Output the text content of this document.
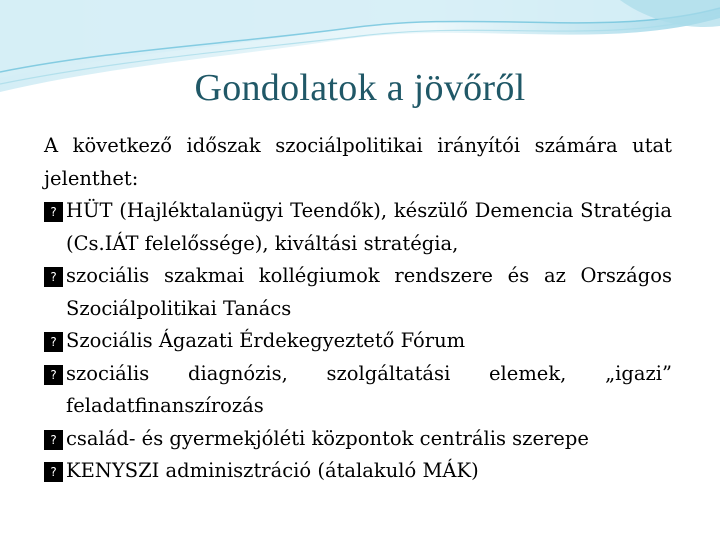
Gondolatok a jövőről
A következő időszak szociálpolitikai irányítói számára utat jelenthet:
? HÜT (Hajléktalanügyi Teendők), készülő Demencia Stratégia (Cs.IÁT felelőssége), kiváltási stratégia,
? szociális szakmai kollégiumok rendszere és az Országos Szociálpolitikai Tanács
? Szociális Ágazati Érdekegyeztető Fórum
? szociális diagnózis, szolgáltatási elemek, „igazi” feladatfinanszírozás
? család- és gyermekjóléti központok centrális szerepe
? KENYSZI adminisztráció (átalakuló MÁK)
